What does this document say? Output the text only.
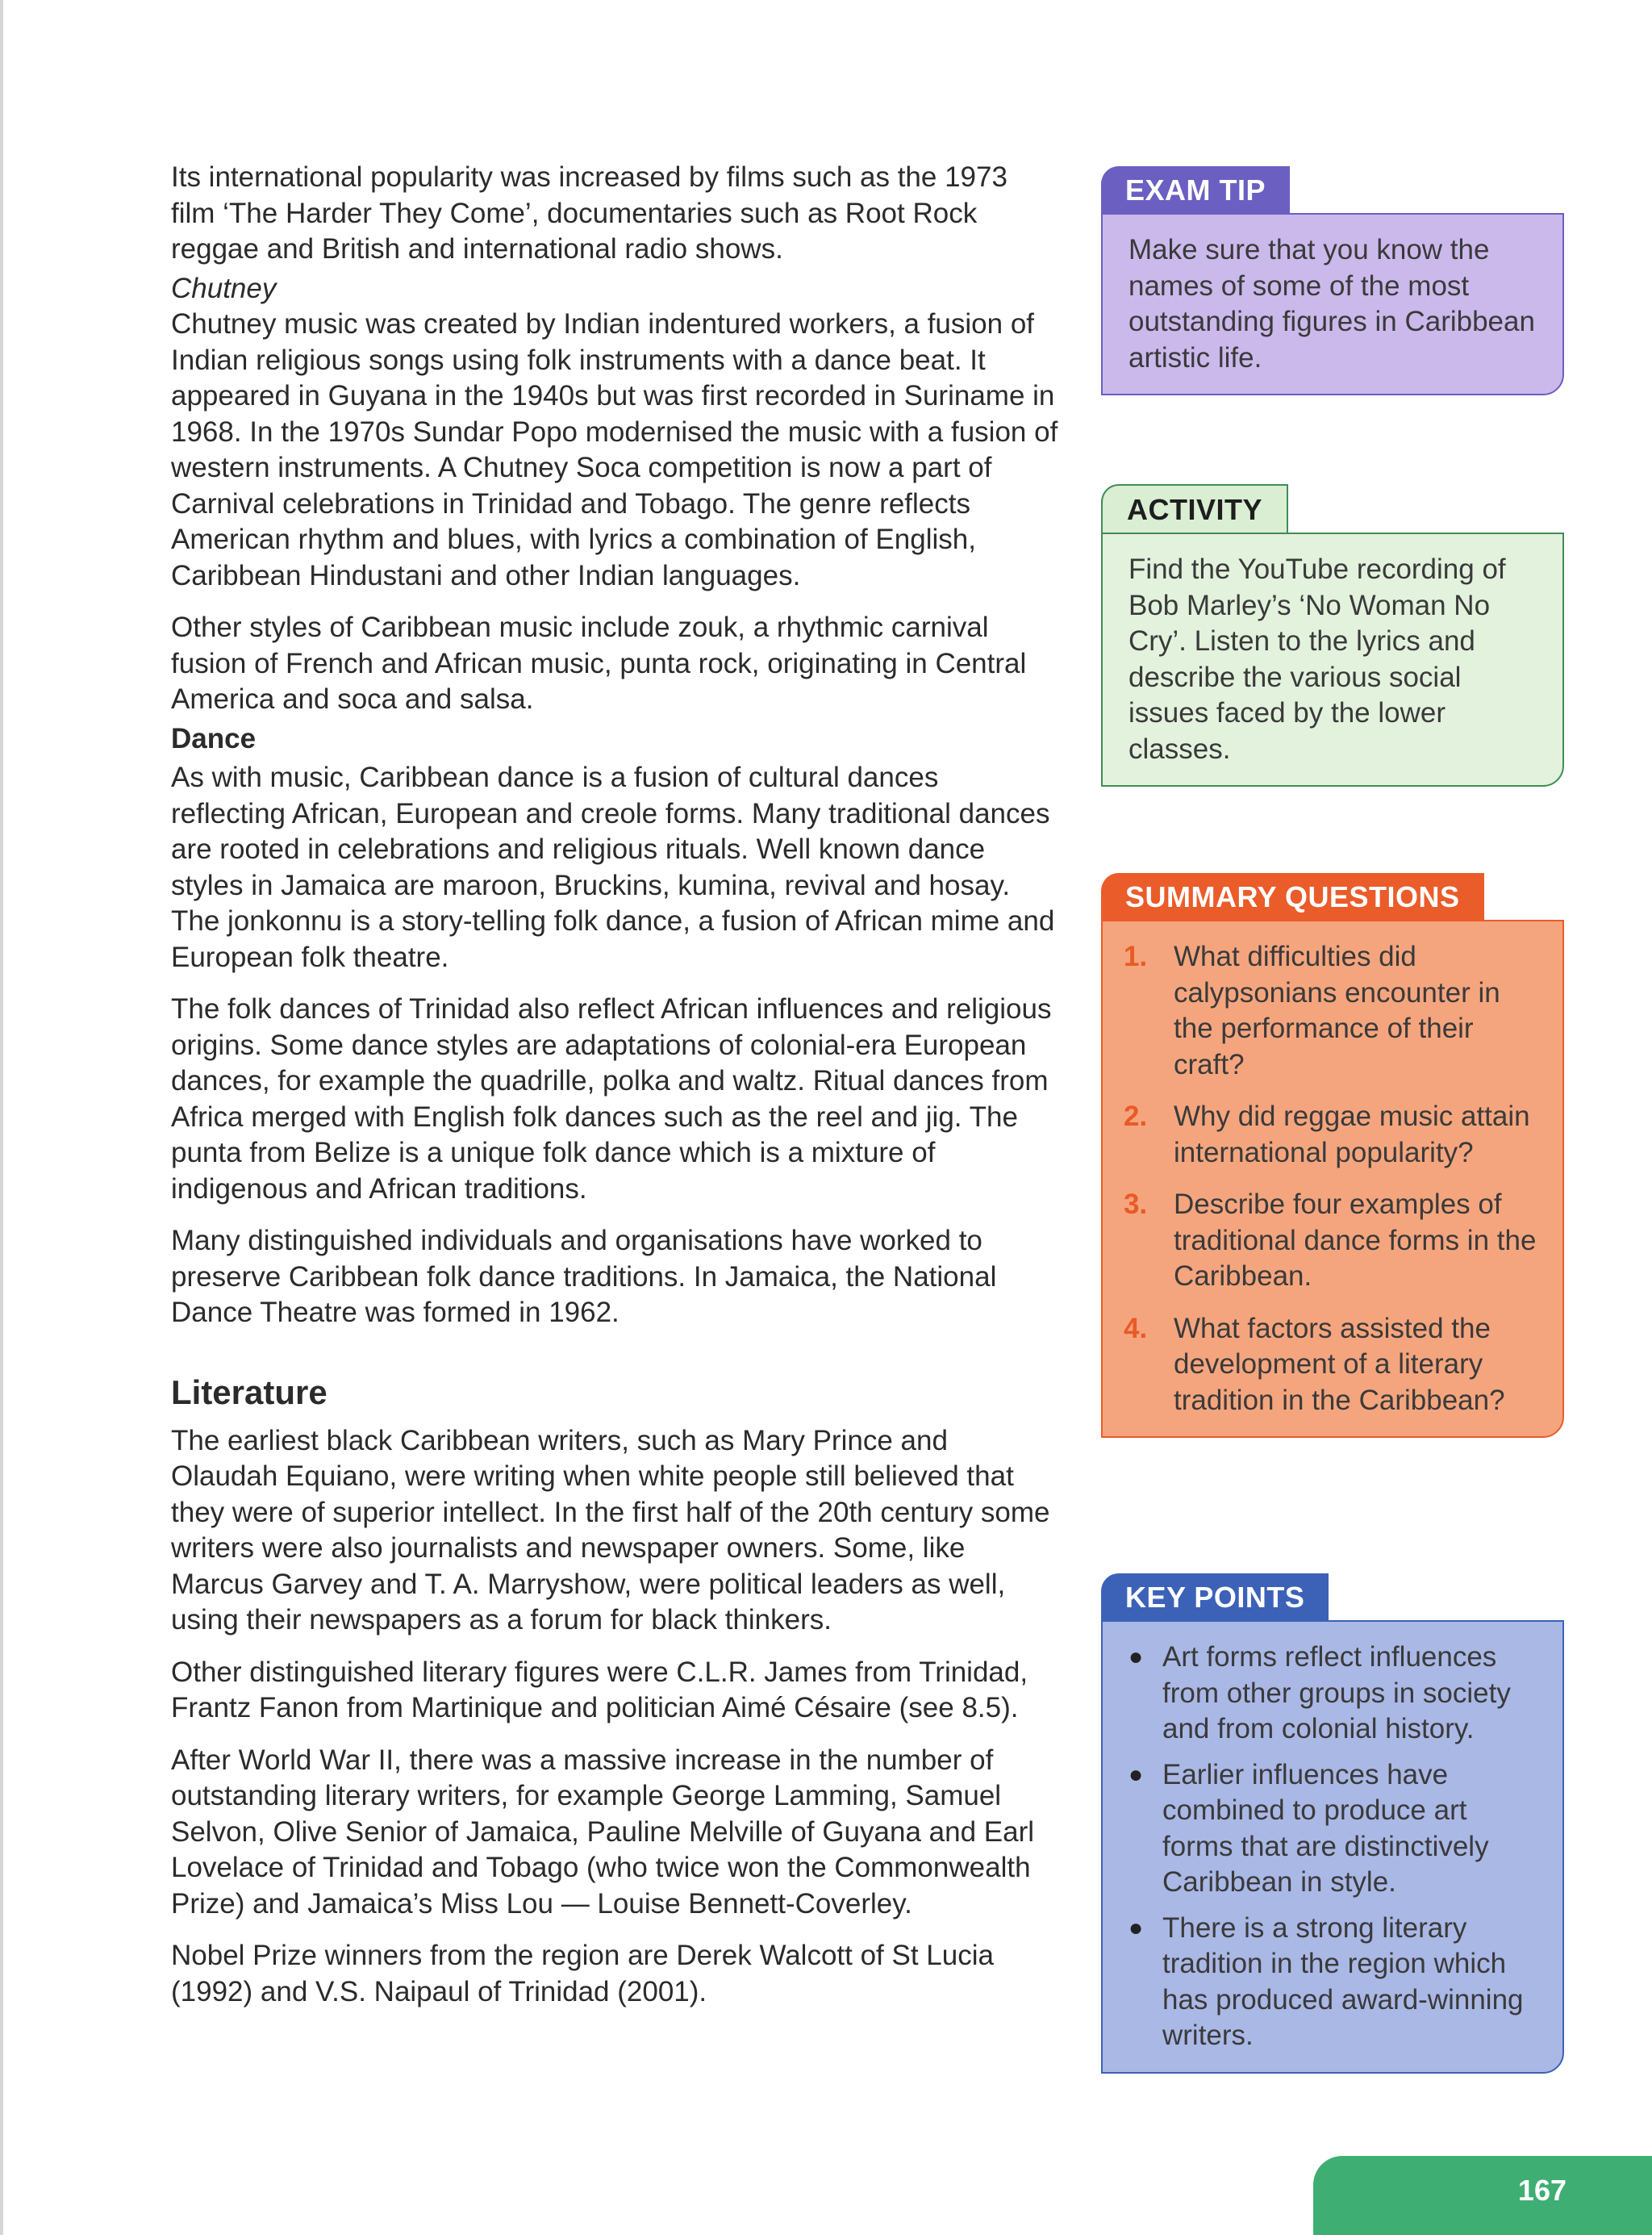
Its international popularity was increased by films such as the 1973 film ‘The Harder They Come’, documentaries such as Root Rock reggae and British and international radio shows.

Chutney

Chutney music was created by Indian indentured workers, a fusion of Indian religious songs using folk instruments with a dance beat. It appeared in Guyana in the 1940s but was first recorded in Suriname in 1968. In the 1970s Sundar Popo modernised the music with a fusion of western instruments. A Chutney Soca competition is now a part of Carnival celebrations in Trinidad and Tobago. The genre reflects American rhythm and blues, with lyrics a combination of English, Caribbean Hindustani and other Indian languages.

Other styles of Caribbean music include zouk, a rhythmic carnival fusion of French and African music, punta rock, originating in Central America and soca and salsa.

Dance

As with music, Caribbean dance is a fusion of cultural dances reflecting African, European and creole forms. Many traditional dances are rooted in celebrations and religious rituals. Well known dance styles in Jamaica are maroon, Bruckins, kumina, revival and hosay. The jonkonnu is a story-telling folk dance, a fusion of African mime and European folk theatre.

The folk dances of Trinidad also reflect African influences and religious origins. Some dance styles are adaptations of colonial-era European dances, for example the quadrille, polka and waltz. Ritual dances from Africa merged with English folk dances such as the reel and jig. The punta from Belize is a unique folk dance which is a mixture of indigenous and African traditions.

Many distinguished individuals and organisations have worked to preserve Caribbean folk dance traditions. In Jamaica, the National Dance Theatre was formed in 1962.

Literature

The earliest black Caribbean writers, such as Mary Prince and Olaudah Equiano, were writing when white people still believed that they were of superior intellect. In the first half of the 20th century some writers were also journalists and newspaper owners. Some, like Marcus Garvey and T. A. Marryshow, were political leaders as well, using their newspapers as a forum for black thinkers.

Other distinguished literary figures were C.L.R. James from Trinidad, Frantz Fanon from Martinique and politician Aimé Césaire (see 8.5).

After World War II, there was a massive increase in the number of outstanding literary writers, for example George Lamming, Samuel Selvon, Olive Senior of Jamaica, Pauline Melville of Guyana and Earl Lovelace of Trinidad and Tobago (who twice won the Commonwealth Prize) and Jamaica’s Miss Lou — Louise Bennett-Coverley.

Nobel Prize winners from the region are Derek Walcott of St Lucia (1992) and V.S. Naipaul of Trinidad (2001).

EXAM TIP
Make sure that you know the names of some of the most outstanding figures in Caribbean artistic life.
ACTIVITY
Find the YouTube recording of Bob Marley’s ‘No Woman No Cry’. Listen to the lyrics and describe the various social issues faced by the lower classes.
SUMMARY QUESTIONS
1. What difficulties did calypsonians encounter in the performance of their craft?
2. Why did reggae music attain international popularity?
3. Describe four examples of traditional dance forms in the Caribbean.
4. What factors assisted the development of a literary tradition in the Caribbean?
KEY POINTS
● Art forms reflect influences from other groups in society and from colonial history.
● Earlier influences have combined to produce art forms that are distinctively Caribbean in style.
● There is a strong literary tradition in the region which has produced award-winning writers.
167
